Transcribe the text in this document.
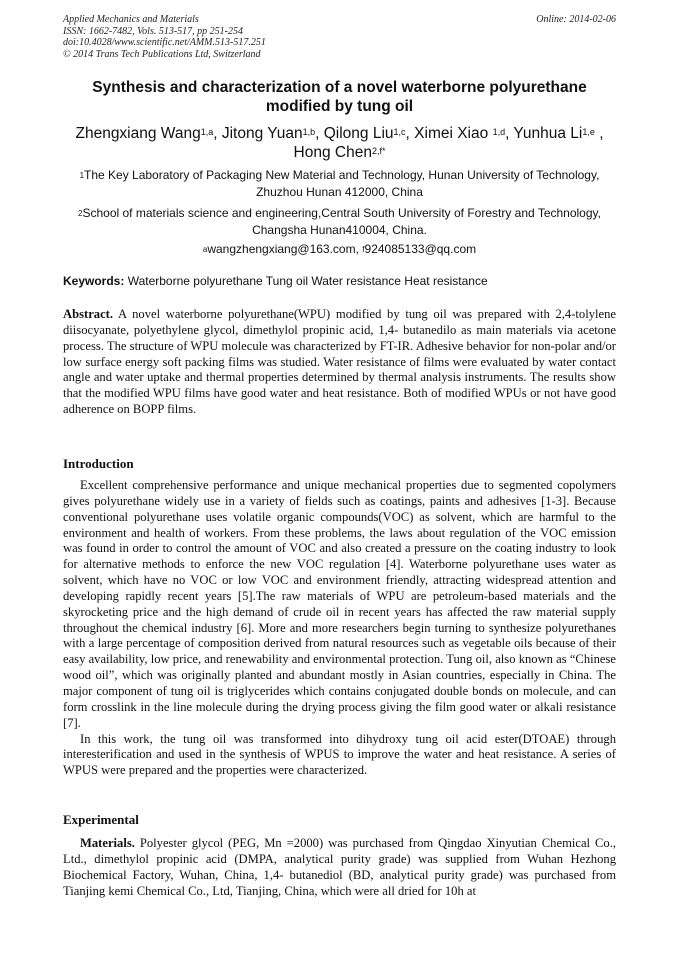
Applied Mechanics and Materials
ISSN: 1662-7482, Vols. 513-517, pp 251-254
doi:10.4028/www.scientific.net/AMM.513-517.251
© 2014 Trans Tech Publications Ltd, Switzerland
Online: 2014-02-06
Synthesis and characterization of a novel waterborne polyurethane
modified by tung oil
Zhengxiang Wang$^{1,a}$, Jitong Yuan$^{1,b}$, Qilong Liu$^{1,c}$, Ximei Xiao $^{1,d}$, Yunhua Li$^{1,e}$ ,
Hong Chen$^{2,f*}$
$^1$The Key Laboratory of Packaging New Material and Technology, Hunan University of Technology,
Zhuzhou Hunan 412000, China
$^2$School of materials science and engineering,Central South University of Forestry and Technology,
Changsha Hunan410004, China.
$^a$wangzhengxiang@163.com, $^f$924085133@qq.com
Keywords: Waterborne polyurethane Tung oil Water resistance Heat resistance

Abstract. A novel waterborne polyurethane(WPU) modified by tung oil was prepared with 2,4-tolylene diisocyanate, polyethylene glycol, dimethylol propinic acid, 1,4- butanedilo as main materials via acetone process. The structure of WPU molecule was characterized by FT-IR. Adhesive behavior for non-polar and/or low surface energy soft packing films was studied. Water resistance of films were evaluated by water contact angle and water uptake and thermal properties determined by thermal analysis instruments. The results show that the modified WPU films have good water and heat resistance. Both of modified WPUs or not have good adherence on BOPP films.

Introduction

Excellent comprehensive performance and unique mechanical properties due to segmented copolymers gives polyurethane widely use in a variety of fields such as coatings, paints and adhesives [1-3]. Because conventional polyurethane uses volatile organic compounds(VOC) as solvent, which are harmful to the environment and health of workers. From these problems, the laws about regulation of the VOC emission was found in order to control the amount of VOC and also created a pressure on the coating industry to look for alternative methods to enforce the new VOC regulation [4]. Waterborne polyurethane uses water as solvent, which have no VOC or low VOC and environment friendly, attracting widespread attention and developing rapidly recent years [5].The raw materials of WPU are petroleum-based materials and the skyrocketing price and the high demand of crude oil in recent years has affected the raw material supply throughout the chemical industry [6]. More and more researchers begin turning to synthesize polyurethanes with a large percentage of composition derived from natural resources such as vegetable oils because of their easy availability, low price, and renewability and environmental protection. Tung oil, also known as “Chinese wood oil”, which was originally planted and abundant mostly in Asian countries, especially in China. The major component of tung oil is triglycerides which contains conjugated double bonds on molecule, and can form crosslink in the line molecule during the drying process giving the film good water or alkali resistance [7].

In this work, the tung oil was transformed into dihydroxy tung oil acid ester(DTOAE) through interesterification and used in the synthesis of WPUS to improve the water and heat resistance. A series of WPUS were prepared and the properties were characterized.

Experimental

Materials. Polyester glycol (PEG, Mn =2000) was purchased from Qingdao Xinyutian Chemical Co., Ltd., dimethylol propinic acid (DMPA, analytical purity grade) was supplied from Wuhan Hezhong Biochemical Factory, Wuhan, China, 1,4- butanediol (BD, analytical purity grade) was purchased from Tianjing kemi Chemical Co., Ltd, Tianjing, China, which were all dried for 10h at
